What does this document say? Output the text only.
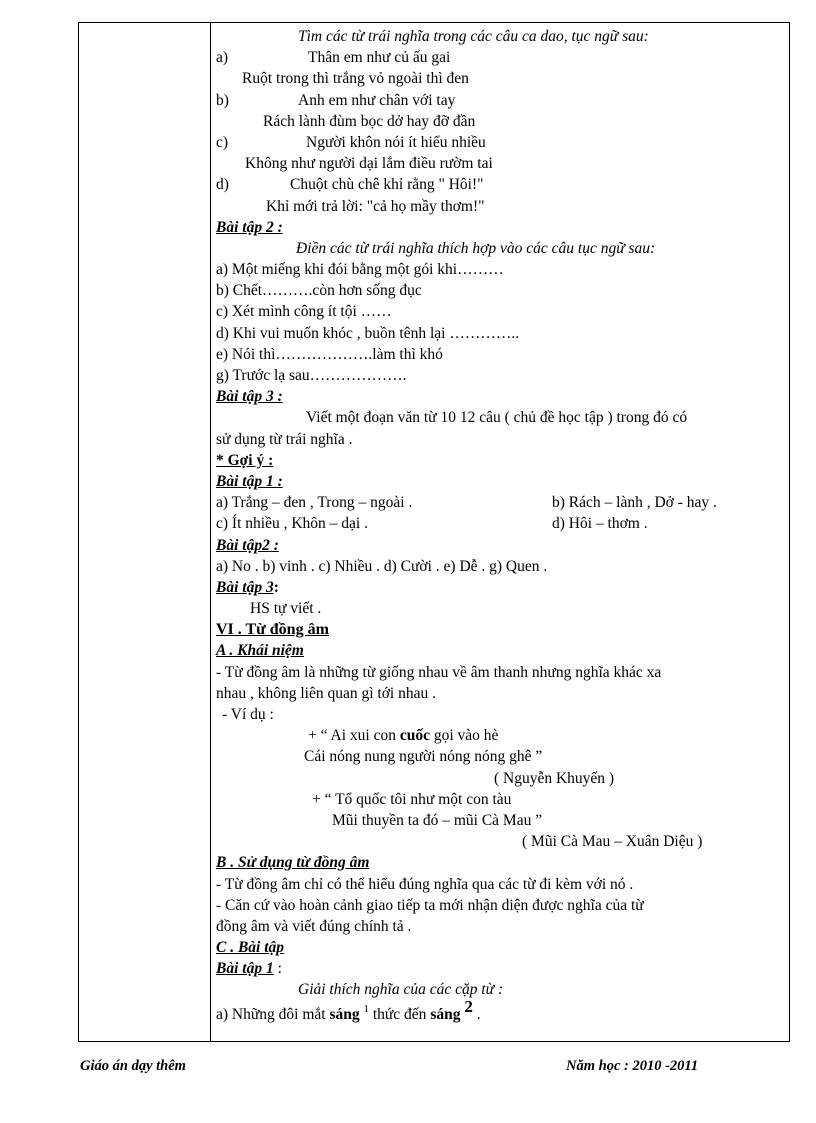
Tìm các từ trái nghĩa trong các câu ca dao, tục ngữ sau:
a)	Thân em như củ ấu gai
Ruột trong thì trắng vỏ ngoài thì đen
b)	Anh em như chân với tay
Rách lành đùm bọc dở hay đỡ đần
c)	Người khôn nói ít hiểu nhiều
Không như người dại lắm điều rườm tai
d)	Chuột chù chê khỉ rằng " Hôi!"
Khỉ mới trả lời: "cả họ mầy thơm!"
Bài tập 2 :
Điền các từ trái nghĩa thích hợp vào các câu tục ngữ sau:
a) Một miếng khi đói bằng một gói khi………
b) Chết……….còn hơn sống đục
c) Xét mình công ít tội ……
d) Khi vui muốn khóc , buồn tênh lại …………..
e) Nói thì……………….làm thì khó
g) Trước lạ sau……………….
Bài tập 3 :
Viết một đoạn văn từ 10 12 câu ( chủ đề học tập ) trong đó có
sử dụng từ trái nghĩa .
* Gợi ý :
Bài tập 1 :
a) Trắng – đen , Trong – ngoài .	b) Rách – lành , Dở - hay .
c) Ít nhiều , Khôn – dại .	d) Hôi – thơm .
Bài tập2 :
a) No . b) vinh . c) Nhiều . d) Cười . e) Dễ . g) Quen .
Bài tập 3:
HS tự viết .
VI . Từ đồng âm
A . Khái niệm
- Từ đồng âm là những từ giống nhau về âm thanh nhưng nghĩa khác xa
nhau , không liên quan gì tới nhau .
- Ví dụ :
+ “ Ai xui con cuốc gọi vào hè
Cái nóng nung người nóng nóng ghê ”
( Nguyễn Khuyến )
+ “ Tổ quốc tôi như một con tàu
Mũi thuyền ta đó – mũi Cà Mau ”
( Mũi Cà Mau – Xuân Diệu )
B . Sử dụng từ đồng âm
- Từ đồng âm chỉ có thể hiểu đúng nghĩa qua các từ đi kèm với nó .
- Căn cứ vào hoàn cảnh giao tiếp ta mới nhận diện được nghĩa của từ
đồng âm và viết đúng chính tả .
C . Bài tập
Bài tập 1 :
Giải thích nghĩa của các cặp từ :
a) Những đôi mắt sáng $^1$ thức đến sáng $^2$ .
Giáo án dạy thêm	Năm học : 2010 -2011
